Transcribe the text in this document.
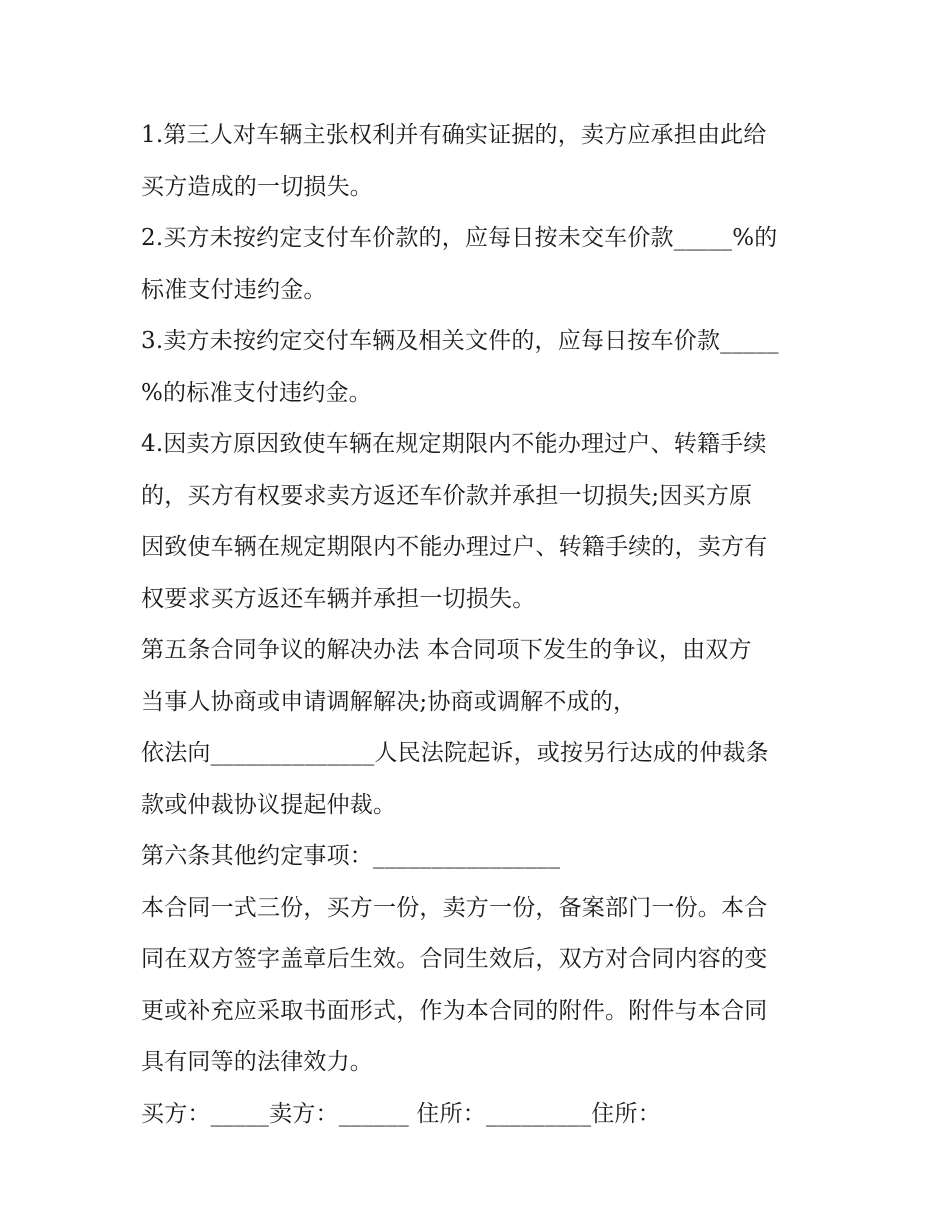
1.第三人对车辆主张权利并有确实证据的，卖方应承担由此给
买方造成的一切损失。
2.买方未按约定支付车价款的，应每日按未交车价款_____%的
标准支付违约金。
3.卖方未按约定交付车辆及相关文件的，应每日按车价款_____
%的标准支付违约金。
4.因卖方原因致使车辆在规定期限内不能办理过户、转籍手续
的，买方有权要求卖方返还车价款并承担一切损失;因买方原
因致使车辆在规定期限内不能办理过户、转籍手续的，卖方有
权要求买方返还车辆并承担一切损失。
第五条合同争议的解决办法 本合同项下发生的争议，由双方
当事人协商或申请调解解决;协商或调解不成的，
依法向______________人民法院起诉，或按另行达成的仲裁条
款或仲裁协议提起仲裁。
第六条其他约定事项：________________
本合同一式三份，买方一份，卖方一份，备案部门一份。本合
同在双方签字盖章后生效。合同生效后，双方对合同内容的变
更或补充应采取书面形式，作为本合同的附件。附件与本合同
具有同等的法律效力。
买方：_____卖方：______ 住所：_________住所：
